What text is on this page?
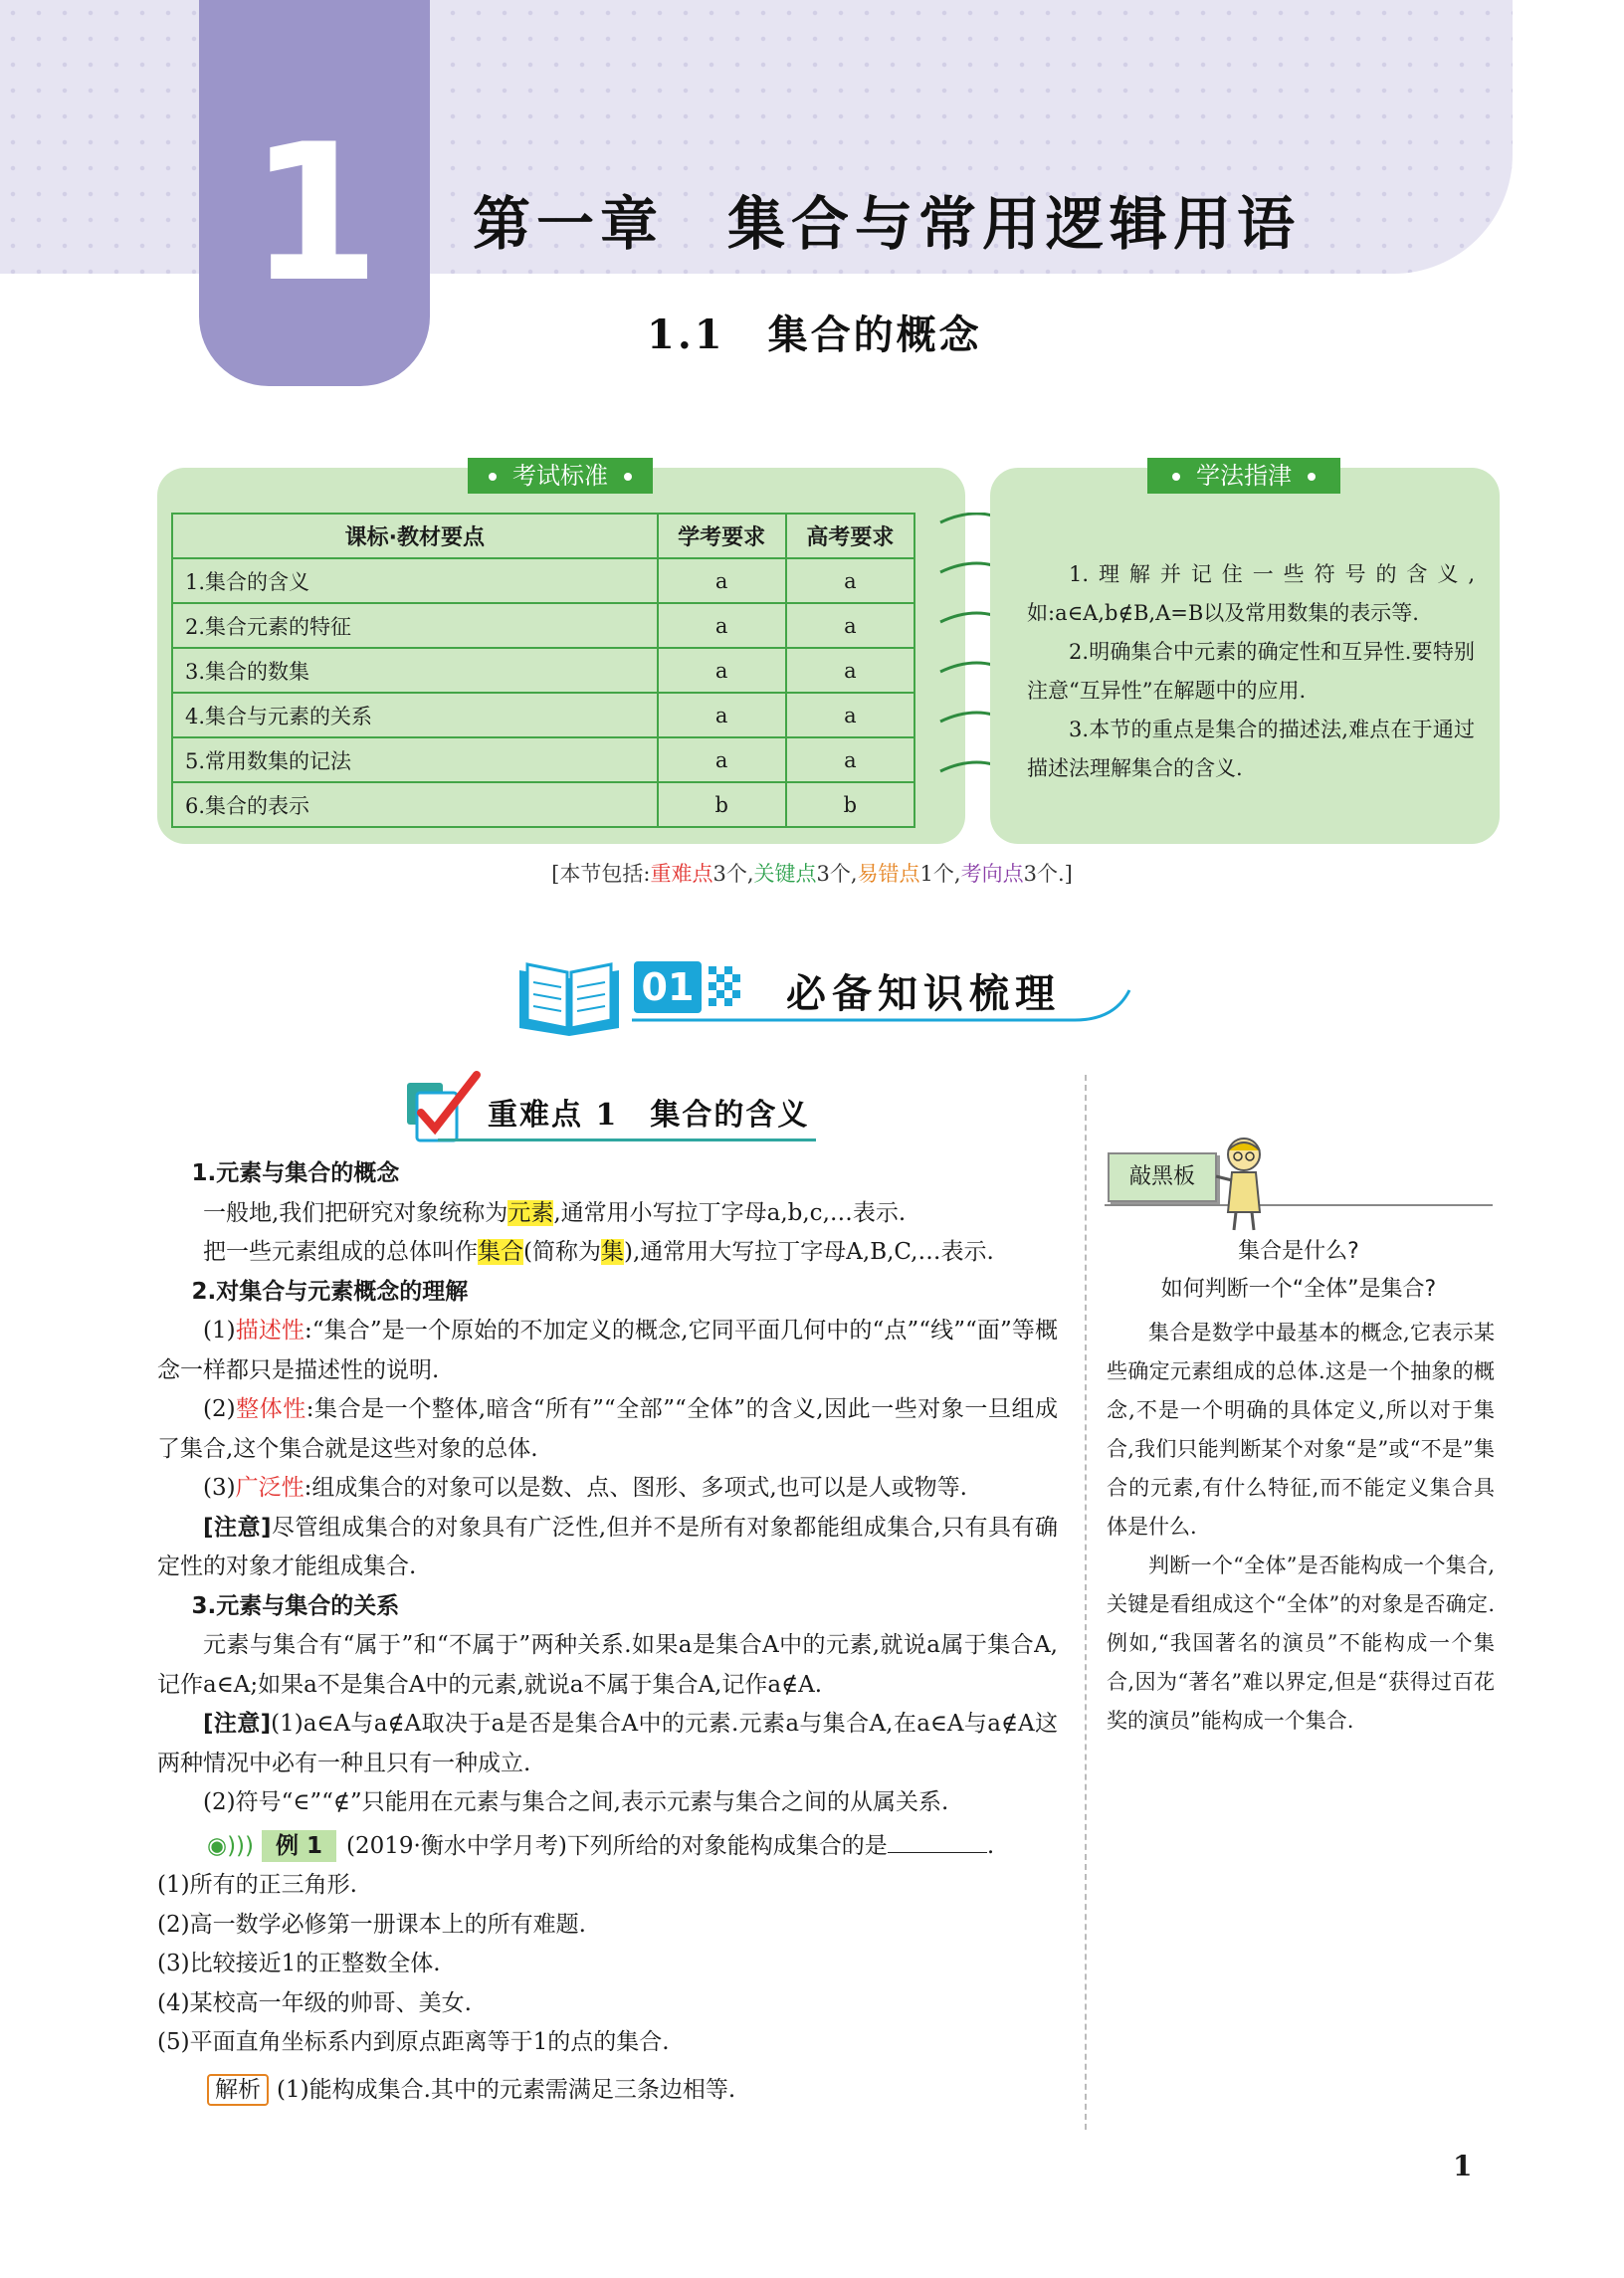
1	第一章　集合与常用逻辑用语
1.1　集合的概念
考试标准
课标·教材要点	学考要求	高考要求
1.集合的含义	a	a
2.集合元素的特征	a	a
3.集合的数集	a	a
4.集合与元素的关系	a	a
5.常用数集的记法	a	a
6.集合的表示	b	b
学法指津

1.理解并记住一些符号的含义,如:a∈A,b∉B,A=B以及常用数集的表示等.

2.明确集合中元素的确定性和互异性.要特别注意“互异性”在解题中的应用.

3.本节的重点是集合的描述法,难点在于通过描述法理解集合的含义.

[本节包括:重难点3个,关键点3个,易错点1个,考向点3个.]
01 必备知识梳理
重难点 1　集合的含义

1.元素与集合的概念

一般地,我们把研究对象统称为元素,通常用小写拉丁字母a,b,c,…表示.

把一些元素组成的总体叫作集合(简称为集),通常用大写拉丁字母A,B,C,…表示.

2.对集合与元素概念的理解

(1)描述性:“集合”是一个原始的不加定义的概念,它同平面几何中的“点”“线”“面”等概念一样都只是描述性的说明.

(2)整体性:集合是一个整体,暗含“所有”“全部”“全体”的含义,因此一些对象一旦组成了集合,这个集合就是这些对象的总体.

(3)广泛性:组成集合的对象可以是数、点、图形、多项式,也可以是人或物等.

[注意]尽管组成集合的对象具有广泛性,但并不是所有对象都能组成集合,只有具有确定性的对象才能组成集合.

3.元素与集合的关系

元素与集合有“属于”和“不属于”两种关系.如果a是集合A中的元素,就说a属于集合A,记作a∈A;如果a不是集合A中的元素,就说a不属于集合A,记作a∉A.

[注意](1)a∈A与a∉A取决于a是否是集合A中的元素.元素a与集合A,在a∈A与a∉A这两种情况中必有一种且只有一种成立.

(2)符号“∈”“∉”只能用在元素与集合之间,表示元素与集合之间的从属关系.

◉))) 例 1 (2019·衡水中学月考)下列所给的对象能构成集合的是	.

(1)所有的正三角形.

(2)高一数学必修第一册课本上的所有难题.

(3)比较接近1的正整数全体.

(4)某校高一年级的帅哥、美女.

(5)平面直角坐标系内到原点距离等于1的点的集合.

解析 (1)能构成集合.其中的元素需满足三条边相等.

敲黑板
集合是什么?
如何判断一个“全体”是集合?

集合是数学中最基本的概念,它表示某些确定元素组成的总体.这是一个抽象的概念,不是一个明确的具体定义,所以对于集合,我们只能判断某个对象“是”或“不是”集合的元素,有什么特征,而不能定义集合具体是什么.

判断一个“全体”是否能构成一个集合,关键是看组成这个“全体”的对象是否确定.例如,“我国著名的演员”不能构成一个集合,因为“著名”难以界定,但是“获得过百花奖的演员”能构成一个集合.

1
